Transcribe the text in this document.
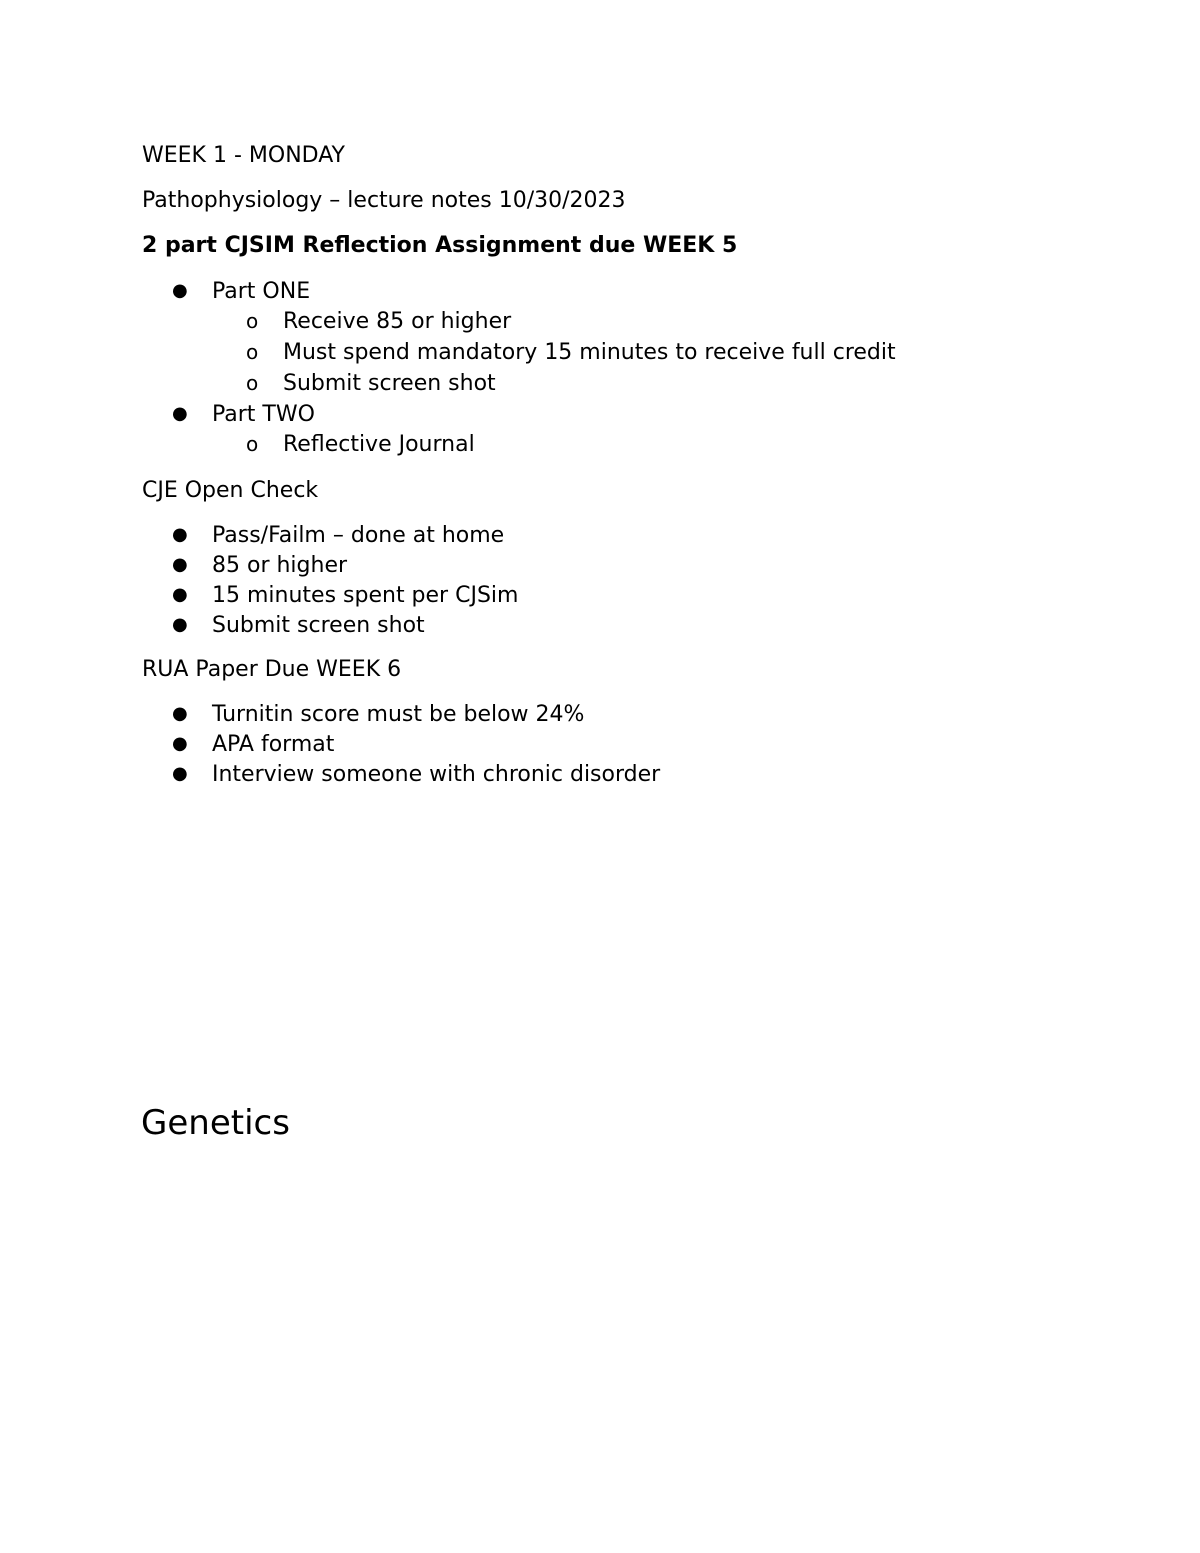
WEEK 1 - MONDAY
Pathophysiology – lecture notes 10/30/2023
2 part CJSIM Reflection Assignment due WEEK 5
● Part ONE
o Receive 85 or higher
o Must spend mandatory 15 minutes to receive full credit
o Submit screen shot
● Part TWO
o Reflective Journal
CJE Open Check
● Pass/Failm – done at home
● 85 or higher
● 15 minutes spent per CJSim
● Submit screen shot
RUA Paper Due WEEK 6
● Turnitin score must be below 24%
● APA format
● Interview someone with chronic disorder
Genetics
